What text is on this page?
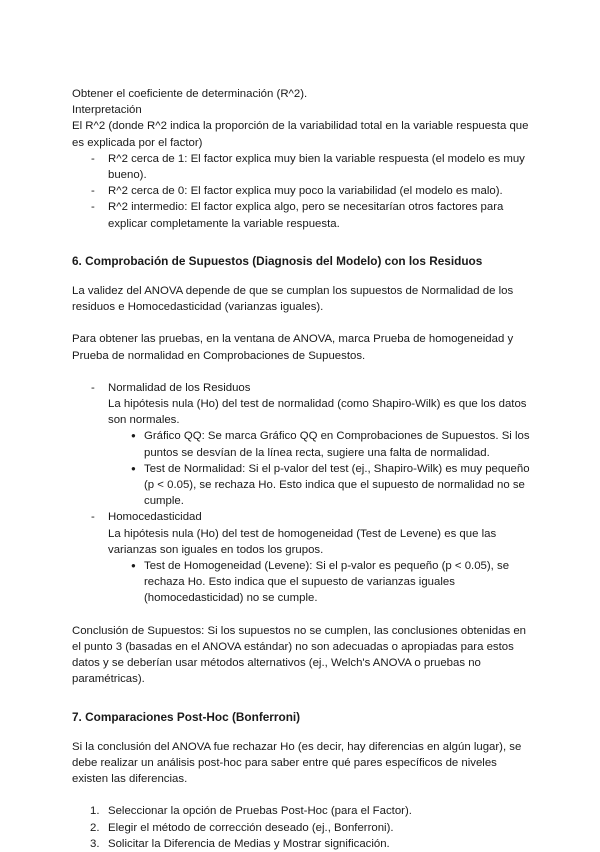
Obtener el coeficiente de determinación (R^2).

Interpretación

El R^2 (donde R^2 indica la proporción de la variabilidad total en la variable respuesta que es explicada por el factor)

- R^2 cerca de 1: El factor explica muy bien la variable respuesta (el modelo es muy bueno).
- R^2 cerca de 0: El factor explica muy poco la variabilidad (el modelo es malo).
- R^2 intermedio: El factor explica algo, pero se necesitarían otros factores para explicar completamente la variable respuesta.

6. Comprobación de Supuestos (Diagnosis del Modelo) con los Residuos

La validez del ANOVA depende de que se cumplan los supuestos de Normalidad de los residuos e Homocedasticidad (varianzas iguales).

Para obtener las pruebas, en la ventana de ANOVA, marca Prueba de homogeneidad y Prueba de normalidad en Comprobaciones de Supuestos.

- Normalidad de los Residuos
La hipótesis nula (Ho) del test de normalidad (como Shapiro-Wilk) es que los datos son normales.
● Gráfico QQ: Se marca Gráfico QQ en Comprobaciones de Supuestos. Si los puntos se desvían de la línea recta, sugiere una falta de normalidad.
● Test de Normalidad: Si el p-valor del test (ej., Shapiro-Wilk) es muy pequeño (p < 0.05), se rechaza Ho. Esto indica que el supuesto de normalidad no se cumple.
- Homocedasticidad
La hipótesis nula (Ho) del test de homogeneidad (Test de Levene) es que las varianzas son iguales en todos los grupos.
● Test de Homogeneidad (Levene): Si el p-valor es pequeño (p < 0.05), se rechaza Ho. Esto indica que el supuesto de varianzas iguales (homocedasticidad) no se cumple.

Conclusión de Supuestos: Si los supuestos no se cumplen, las conclusiones obtenidas en el punto 3 (basadas en el ANOVA estándar) no son adecuadas o apropiadas para estos datos y se deberían usar métodos alternativos (ej., Welch's ANOVA o pruebas no paramétricas).

7. Comparaciones Post-Hoc (Bonferroni)

Si la conclusión del ANOVA fue rechazar Ho (es decir, hay diferencias en algún lugar), se debe realizar un análisis post-hoc para saber entre qué pares específicos de niveles existen las diferencias.

1. Seleccionar la opción de Pruebas Post-Hoc (para el Factor).
2. Elegir el método de corrección deseado (ej., Bonferroni).
3. Solicitar la Diferencia de Medias y Mostrar significación.
